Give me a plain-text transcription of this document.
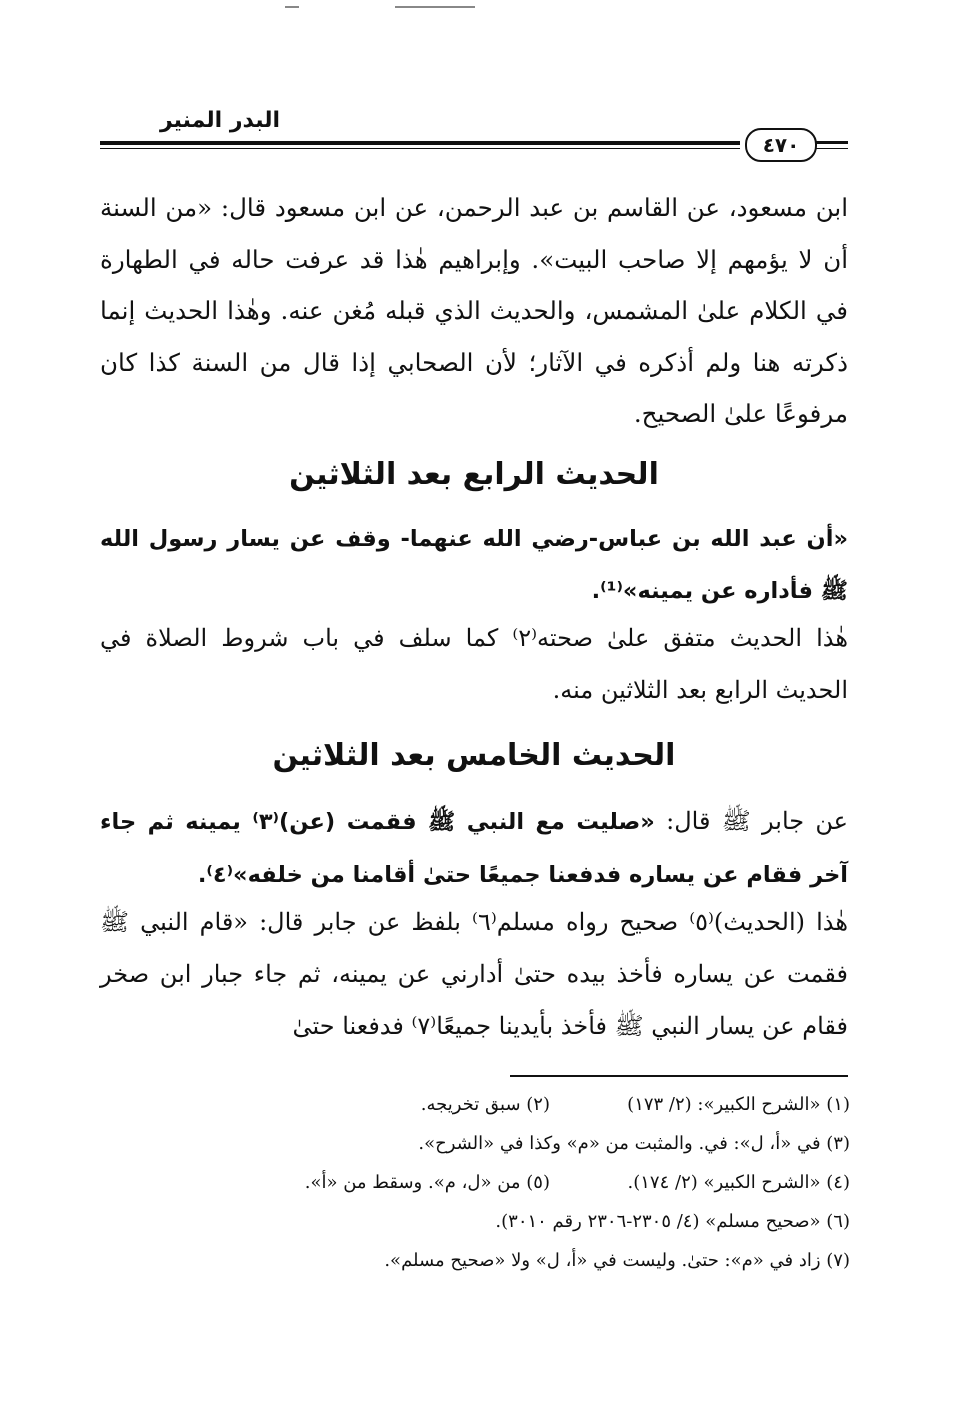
البدر المنير
٤٧٠

ابن مسعود، عن القاسم بن عبد الرحمن، عن ابن مسعود قال: «من السنة أن لا يؤمهم إلا صاحب البيت». وإبراهيم هٰذا قد عرفت حاله في الطهارة في الكلام علىٰ المشمس، والحديث الذي قبله مُغن عنه. وهٰذا الحديث إنما ذكرته هنا ولم أذكره في الآثار؛ لأن الصحابي إذا قال من السنة كذا كان مرفوعًا علىٰ الصحيح.

الحديث الرابع بعد الثلاثين

«أن عبد الله بن عباس-رضي الله عنهما- وقف عن يسار رسول الله ﷺ فأداره عن يمينه»⁽¹⁾.

هٰذا الحديث متفق علىٰ صحته⁽٢⁾ كما سلف في باب شروط الصلاة في الحديث الرابع بعد الثلاثين منه.

الحديث الخامس بعد الثلاثين

عن جابر ﷺ قال: «صليت مع النبي ﷺ فقمت (عن)⁽٣⁾ يمينه ثم جاء آخر فقام عن يساره فدفعنا جميعًا حتىٰ أقامنا من خلفه»⁽٤⁾.

هٰذا (الحديث)⁽٥⁾ صحيح رواه مسلم⁽٦⁾ بلفظ عن جابر قال: «قام النبي ﷺ فقمت عن يساره فأخذ بيده حتىٰ أدارني عن يمينه، ثم جاء جبار ابن صخر فقام عن يسار النبي ﷺ فأخذ بأيدينا جميعًا⁽٧⁾ فدفعنا حتىٰ

(١) «الشرح الكبير»: (٢/ ١٧٣)
(٢) سبق تخريجه.
(٣) في «أ، ل»: في. والمثبت من «م» وكذا في «الشرح».
(٤) «الشرح الكبير» (٢/ ١٧٤).
(٥) من «ل، م». وسقط من «أ».
(٦) «صحيح مسلم» (٤/ ٢٣٠٥-٢٣٠٦ رقم ٣٠١٠).
(٧) زاد في «م»: حتىٰ. وليست في «أ، ل» ولا «صحيح مسلم».
